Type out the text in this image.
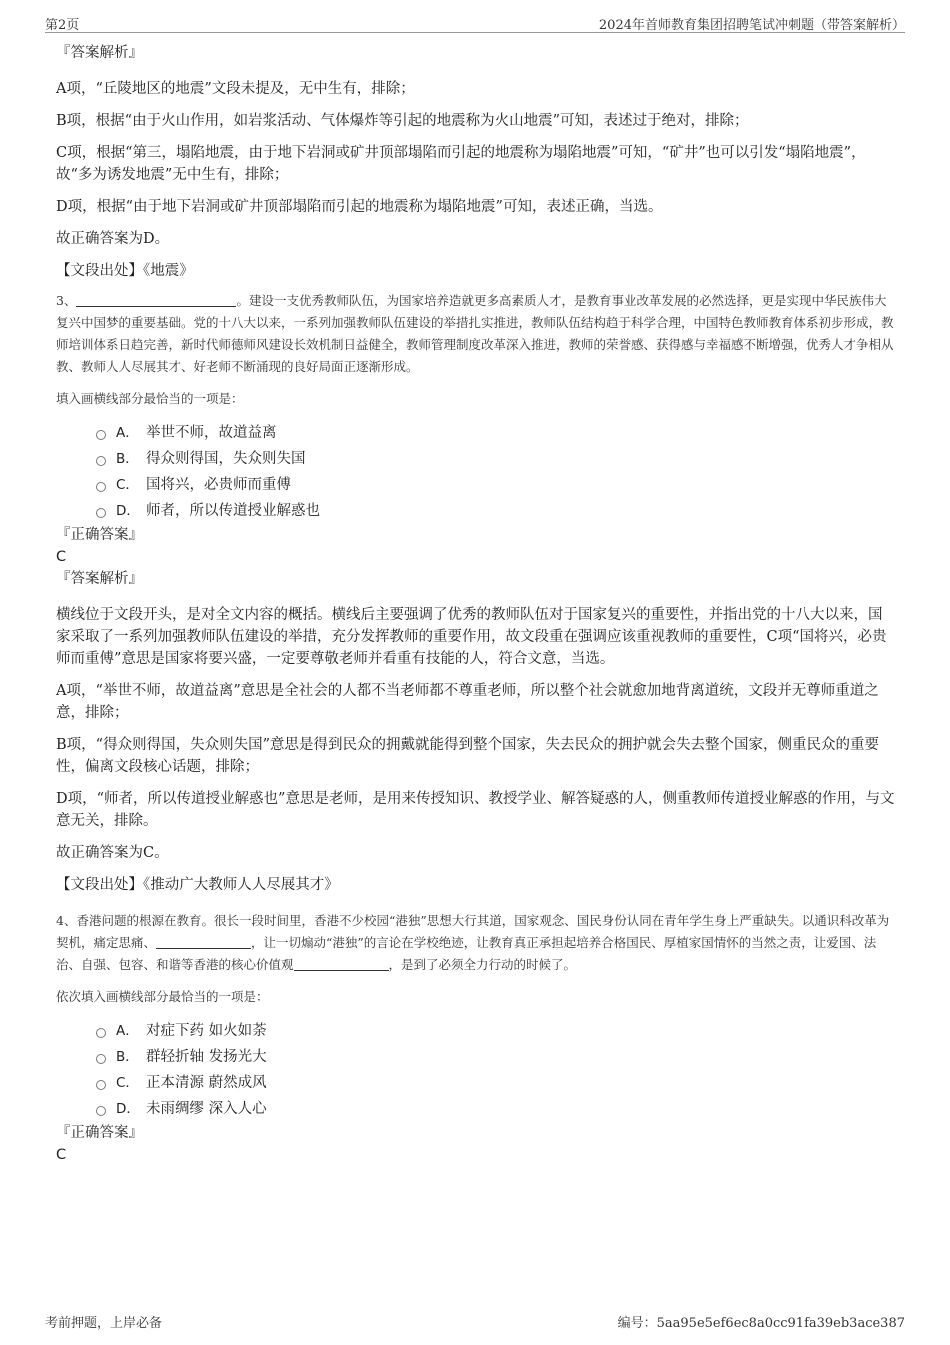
第2页	2024年首师教育集团招聘笔试冲刺题（带答案解析）

『答案解析』

A项，“丘陵地区的地震”文段未提及，无中生有，排除；

B项，根据“由于火山作用，如岩浆活动、气体爆炸等引起的地震称为火山地震”可知，表述过于绝对，排除；

C项，根据“第三，塌陷地震，由于地下岩洞或矿井顶部塌陷而引起的地震称为塌陷地震”可知，“矿井”也可以引发“塌陷地震”，故“多为诱发地震”无中生有，排除；

D项，根据“由于地下岩洞或矿井顶部塌陷而引起的地震称为塌陷地震”可知，表述正确，当选。

故正确答案为D。

【文段出处】《地震》

3、	。建设一支优秀教师队伍，为国家培养造就更多高素质人才，是教育事业改革发展的必然选择，更是实现中华民族伟大复兴中国梦的重要基础。党的十八大以来，一系列加强教师队伍建设的举措扎实推进，教师队伍结构趋于科学合理，中国特色教师教育体系初步形成，教师培训体系日趋完善，新时代师德师风建设长效机制日益健全，教师管理制度改革深入推进，教师的荣誉感、获得感与幸福感不断增强，优秀人才争相从教、教师人人尽展其才、好老师不断涌现的良好局面正逐渐形成。

填入画横线部分最恰当的一项是：

A． 举世不师，故道益离
B． 得众则得国，失众则失国
C． 国将兴，必贵师而重傅
D． 师者，所以传道授业解惑也

『正确答案』

C

『答案解析』

横线位于文段开头，是对全文内容的概括。横线后主要强调了优秀的教师队伍对于国家复兴的重要性，并指出党的十八大以来，国家采取了一系列加强教师队伍建设的举措，充分发挥教师的重要作用，故文段重在强调应该重视教师的重要性，C项“国将兴，必贵师而重傅”意思是国家将要兴盛，一定要尊敬老师并看重有技能的人，符合文意，当选。

A项，“举世不师，故道益离”意思是全社会的人都不当老师都不尊重老师，所以整个社会就愈加地背离道统，文段并无尊师重道之意，排除；

B项，“得众则得国，失众则失国”意思是得到民众的拥戴就能得到整个国家，失去民众的拥护就会失去整个国家，侧重民众的重要性，偏离文段核心话题，排除；

D项，“师者，所以传道授业解惑也”意思是老师，是用来传授知识、教授学业、解答疑惑的人，侧重教师传道授业解惑的作用，与文意无关，排除。

故正确答案为C。

【文段出处】《推动广大教师人人尽展其才》

4、香港问题的根源在教育。很长一段时间里，香港不少校园“港独”思想大行其道，国家观念、国民身份认同在青年学生身上严重缺失。以通识科改革为契机，痛定思痛、	，让一切煽动“港独”的言论在学校绝迹，让教育真正承担起培养合格国民、厚植家国情怀的当然之责，让爱国、法治、自强、包容、和谐等香港的核心价值观	，是到了必须全力行动的时候了。

依次填入画横线部分最恰当的一项是：

A． 对症下药 如火如荼
B． 群轻折轴 发扬光大
C． 正本清源 蔚然成风
D． 未雨绸缪 深入人心

『正确答案』

C

考前押题，上岸必备	编号：5aa95e5ef6ec8a0cc91fa39eb3ace387
